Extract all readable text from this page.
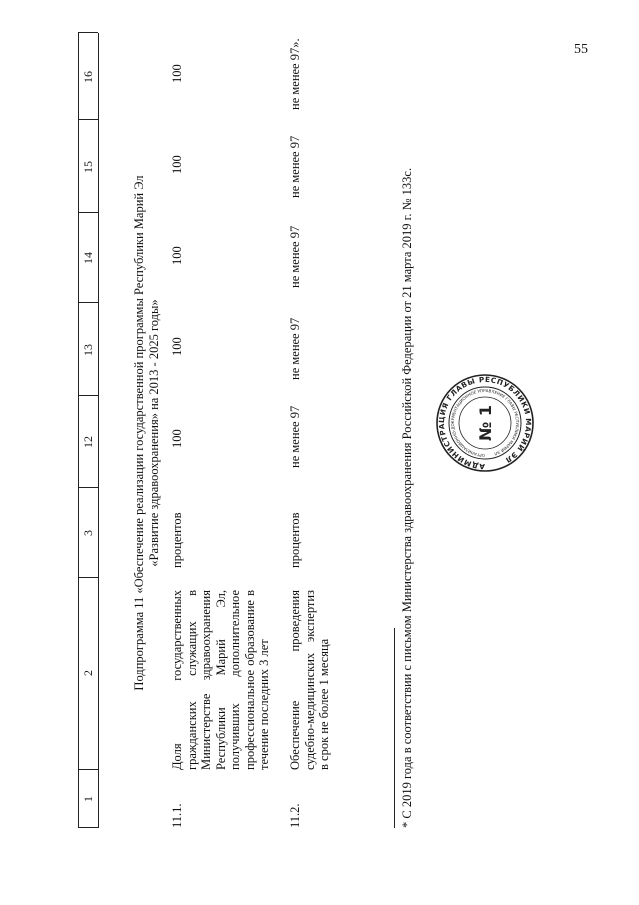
55
1
2
3
12
13
14
15
16
Подпрограмма 11 «Обеспечение реализации государственной программы Республики Марий Эл «Развитие здравоохранения» на 2013 - 2025 годы»
11.1.
Доля государственных гражданских служащих в Министерстве здравоохранения Республики Марий Эл, получивших дополнительное профессиональное образование в течение последних 3 лет
процентов
100
100
100
100
100
11.2.
Обеспечение проведения судебно-медицинских экспертиз в срок не более 1 месяца
процентов
не менее 97
не менее 97
не менее 97
не менее 97
не менее 97».
* С 2019 года в соответствии с письмом Министерства здравоохранения Российской Федерации от 21 марта 2019 г. № 133с.	АДМИНИСТРАЦИЯ ГЛАВЫ РЕСПУБЛИКИ МАРИЙ ЭЛ
ОРГАНИЗАЦИОННО-ДОКУМЕНТАЦИОННОЕ УПРАВЛЕНИЕ ГЛАВЫ РЕСПУБЛИКИ МАРИЙ ЭЛ
№ 1
